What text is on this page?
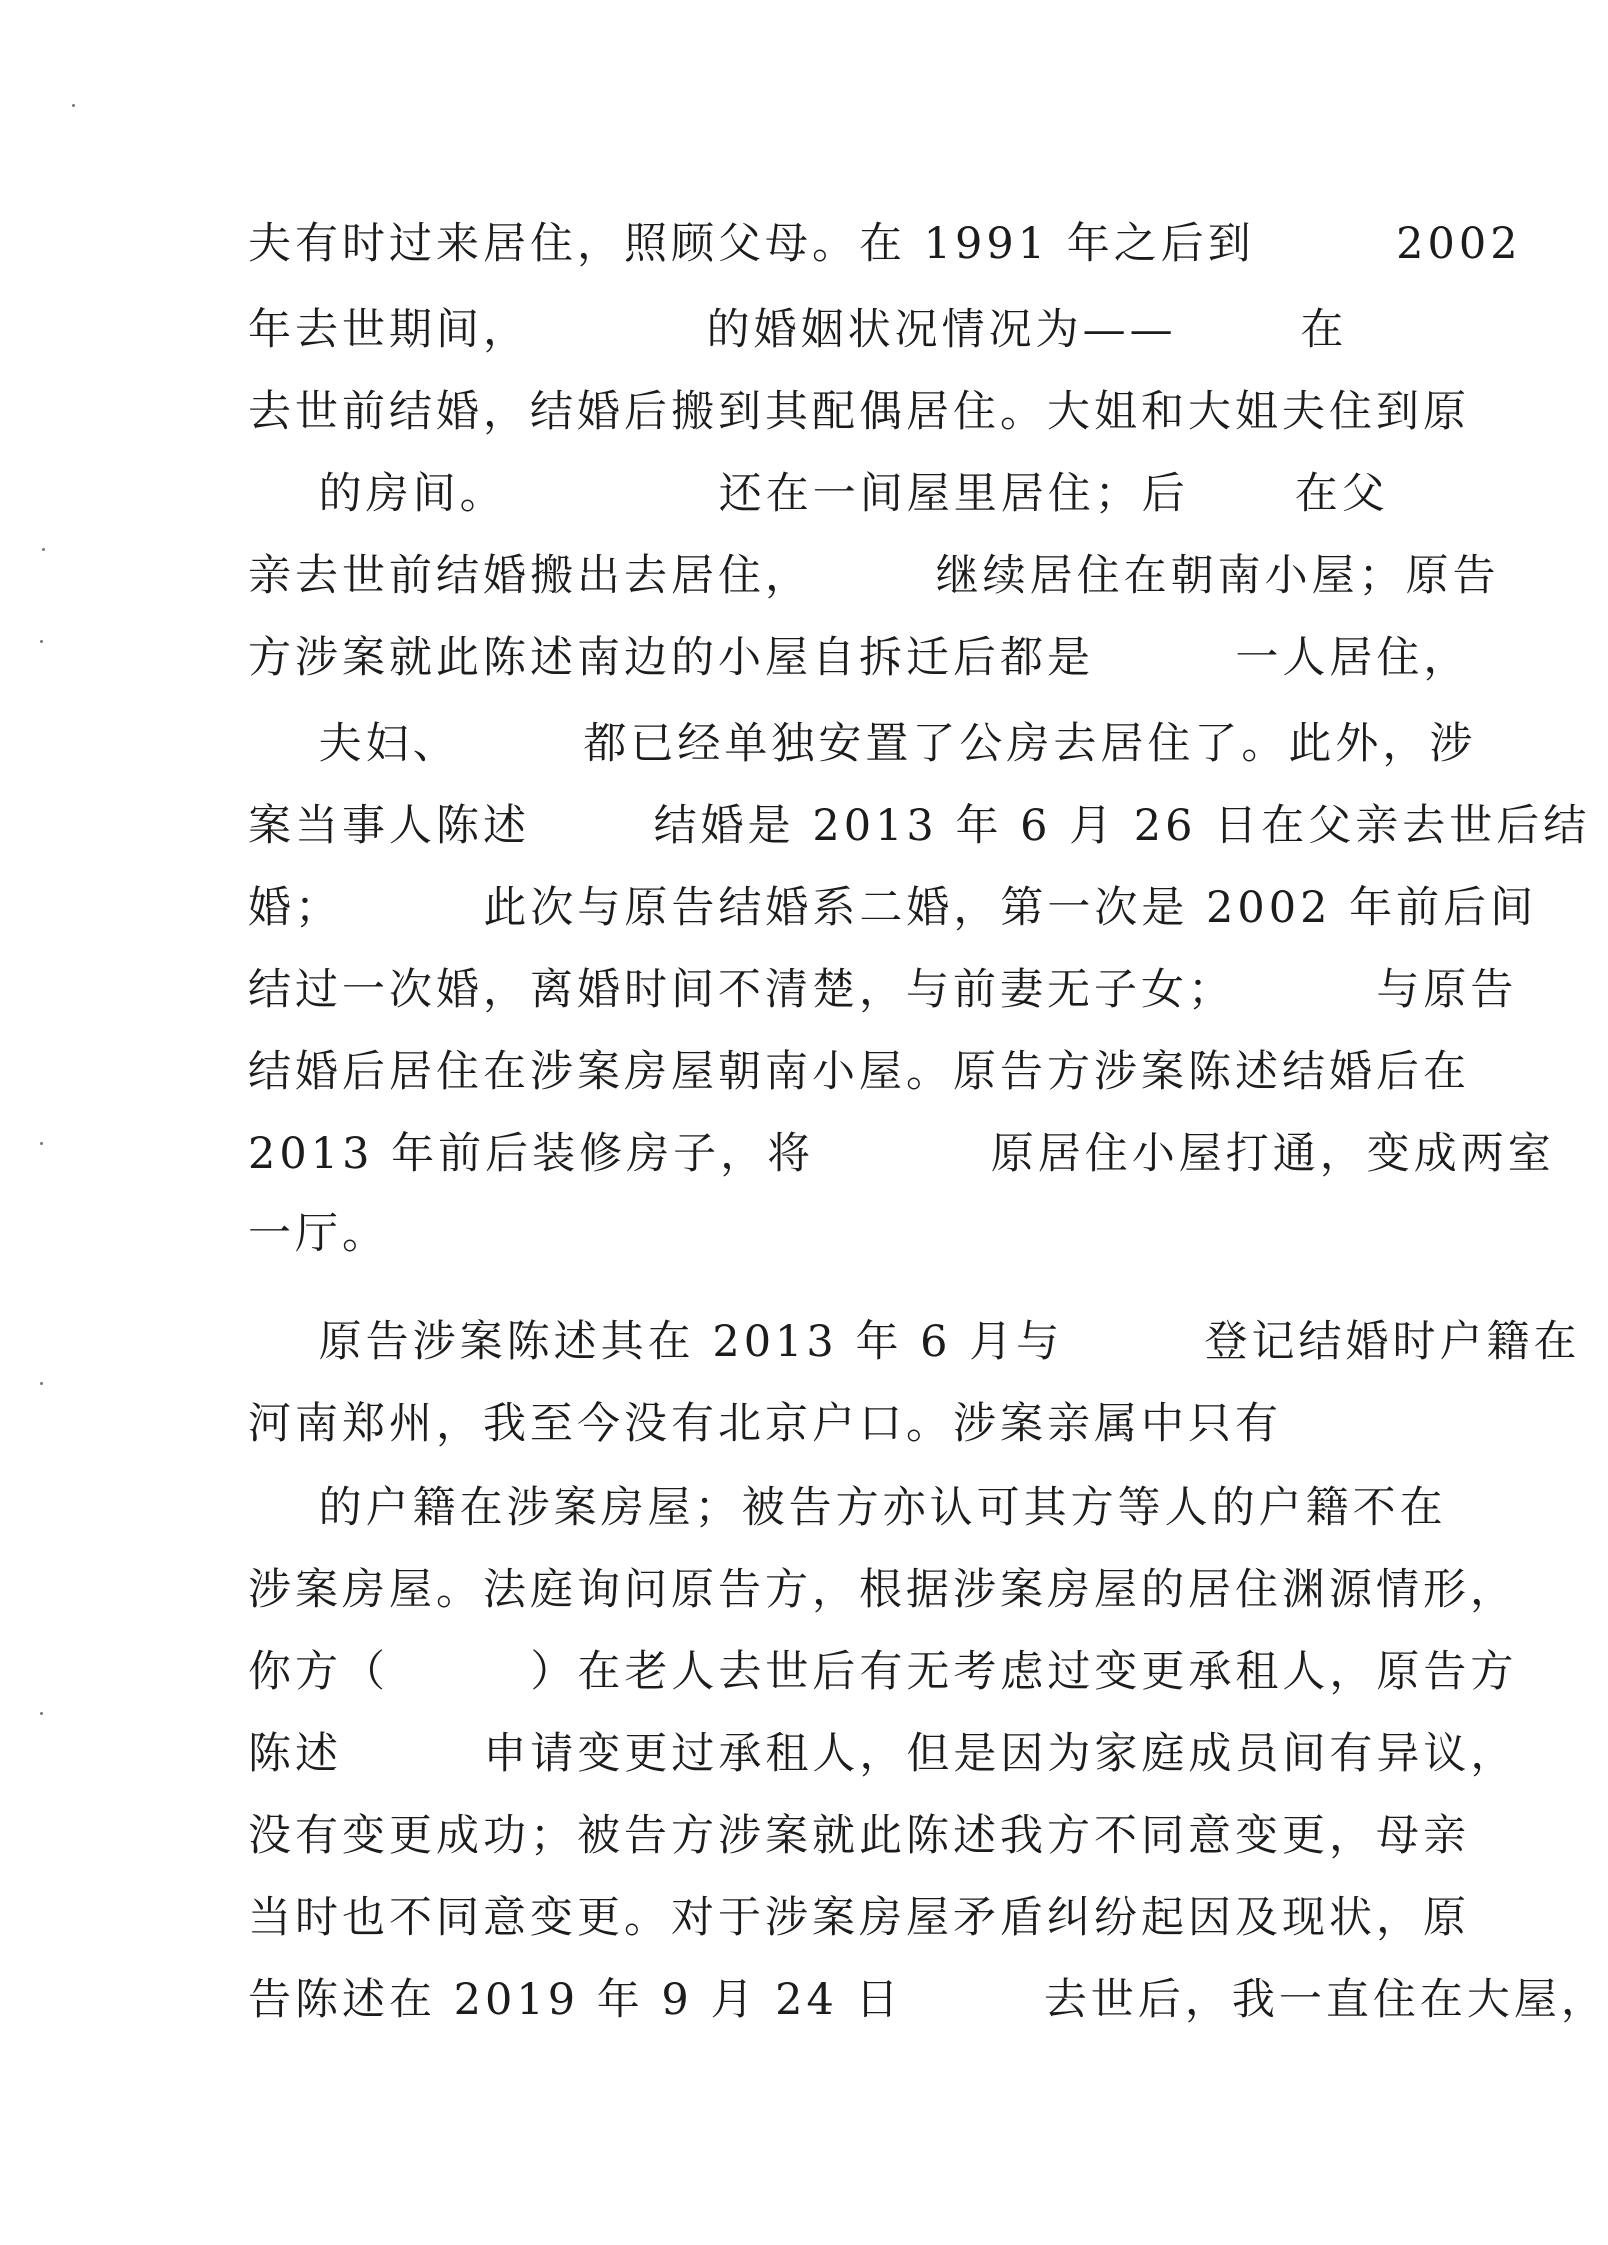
夫有时过来居住，照顾父母。在 1991 年之后到        2002
年去世期间，          的婚姻状况情况为——       在
去世前结婚，结婚后搬到其配偶居住。大姐和大姐夫住到原
的房间。            还在一间屋里居住；后      在父
亲去世前结婚搬出去居住，       继续居住在朝南小屋；原告
方涉案就此陈述南边的小屋自拆迁后都是        一人居住，
夫妇、       都已经单独安置了公房去居住了。此外，涉
案当事人陈述       结婚是 2013 年 6 月 26 日在父亲去世后结
婚；        此次与原告结婚系二婚，第一次是 2002 年前后间
结过一次婚，离婚时间不清楚，与前妻无子女；        与原告
结婚后居住在涉案房屋朝南小屋。原告方涉案陈述结婚后在
2013 年前后装修房子，将          原居住小屋打通，变成两室
一厅。
原告涉案陈述其在 2013 年 6 月与        登记结婚时户籍在
河南郑州，我至今没有北京户口。涉案亲属中只有
的户籍在涉案房屋；被告方亦认可其方等人的户籍不在
涉案房屋。法庭询问原告方，根据涉案房屋的居住渊源情形，
你方（        ）在老人去世后有无考虑过变更承租人，原告方
陈述        申请变更过承租人，但是因为家庭成员间有异议，
没有变更成功；被告方涉案就此陈述我方不同意变更，母亲
当时也不同意变更。对于涉案房屋矛盾纠纷起因及现状，原
告陈述在 2019 年 9 月 24 日        去世后，我一直住在大屋，
